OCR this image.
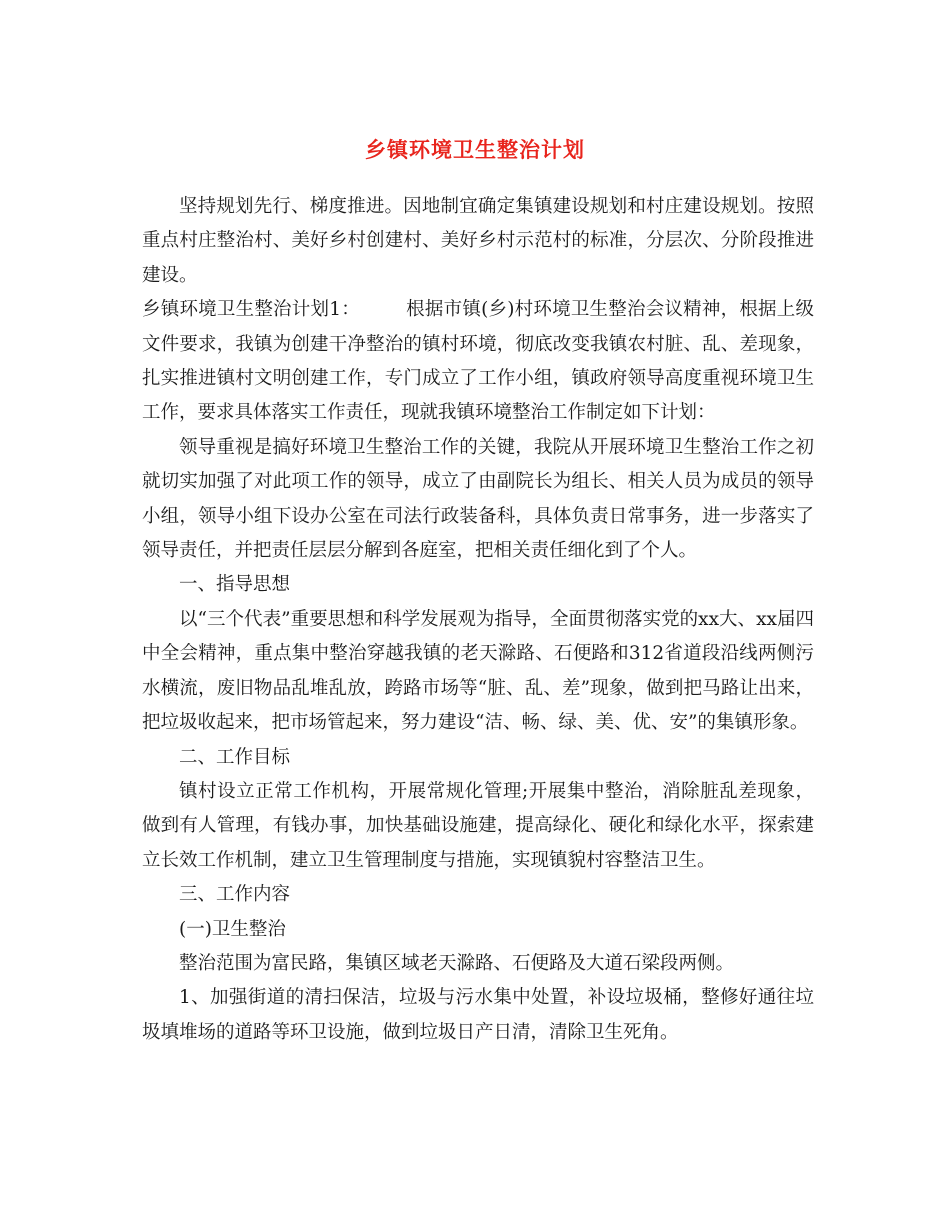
乡镇环境卫生整治计划

坚持规划先行、梯度推进。因地制宜确定集镇建设规划和村庄建设规划。按照重点村庄整治村、美好乡村创建村、美好乡村示范村的标准，分层次、分阶段推进建设。

乡镇环境卫生整治计划1： 根据市镇(乡)村环境卫生整治会议精神，根据上级文件要求，我镇为创建干净整治的镇村环境，彻底改变我镇农村脏、乱、差现象，扎实推进镇村文明创建工作，专门成立了工作小组，镇政府领导高度重视环境卫生工作，要求具体落实工作责任，现就我镇环境整治工作制定如下计划：

领导重视是搞好环境卫生整治工作的关键，我院从开展环境卫生整治工作之初就切实加强了对此项工作的领导，成立了由副院长为组长、相关人员为成员的领导小组，领导小组下设办公室在司法行政装备科，具体负责日常事务，进一步落实了领导责任，并把责任层层分解到各庭室，把相关责任细化到了个人。

一、指导思想

以“三个代表”重要思想和科学发展观为指导，全面贯彻落实党的xx大、xx届四中全会精神，重点集中整治穿越我镇的老天滁路、石便路和312省道段沿线两侧污水横流，废旧物品乱堆乱放，跨路市场等“脏、乱、差”现象，做到把马路让出来，把垃圾收起来，把市场管起来，努力建设“洁、畅、绿、美、优、安”的集镇形象。

二、工作目标

镇村设立正常工作机构，开展常规化管理;开展集中整治，消除脏乱差现象，做到有人管理，有钱办事，加快基础设施建，提高绿化、硬化和绿化水平，探索建立长效工作机制，建立卫生管理制度与措施，实现镇貌村容整洁卫生。

三、工作内容

(一)卫生整治

整治范围为富民路，集镇区域老天滁路、石便路及大道石梁段两侧。

1、加强街道的清扫保洁，垃圾与污水集中处置，补设垃圾桶，整修好通往垃圾填堆场的道路等环卫设施，做到垃圾日产日清，清除卫生死角。
